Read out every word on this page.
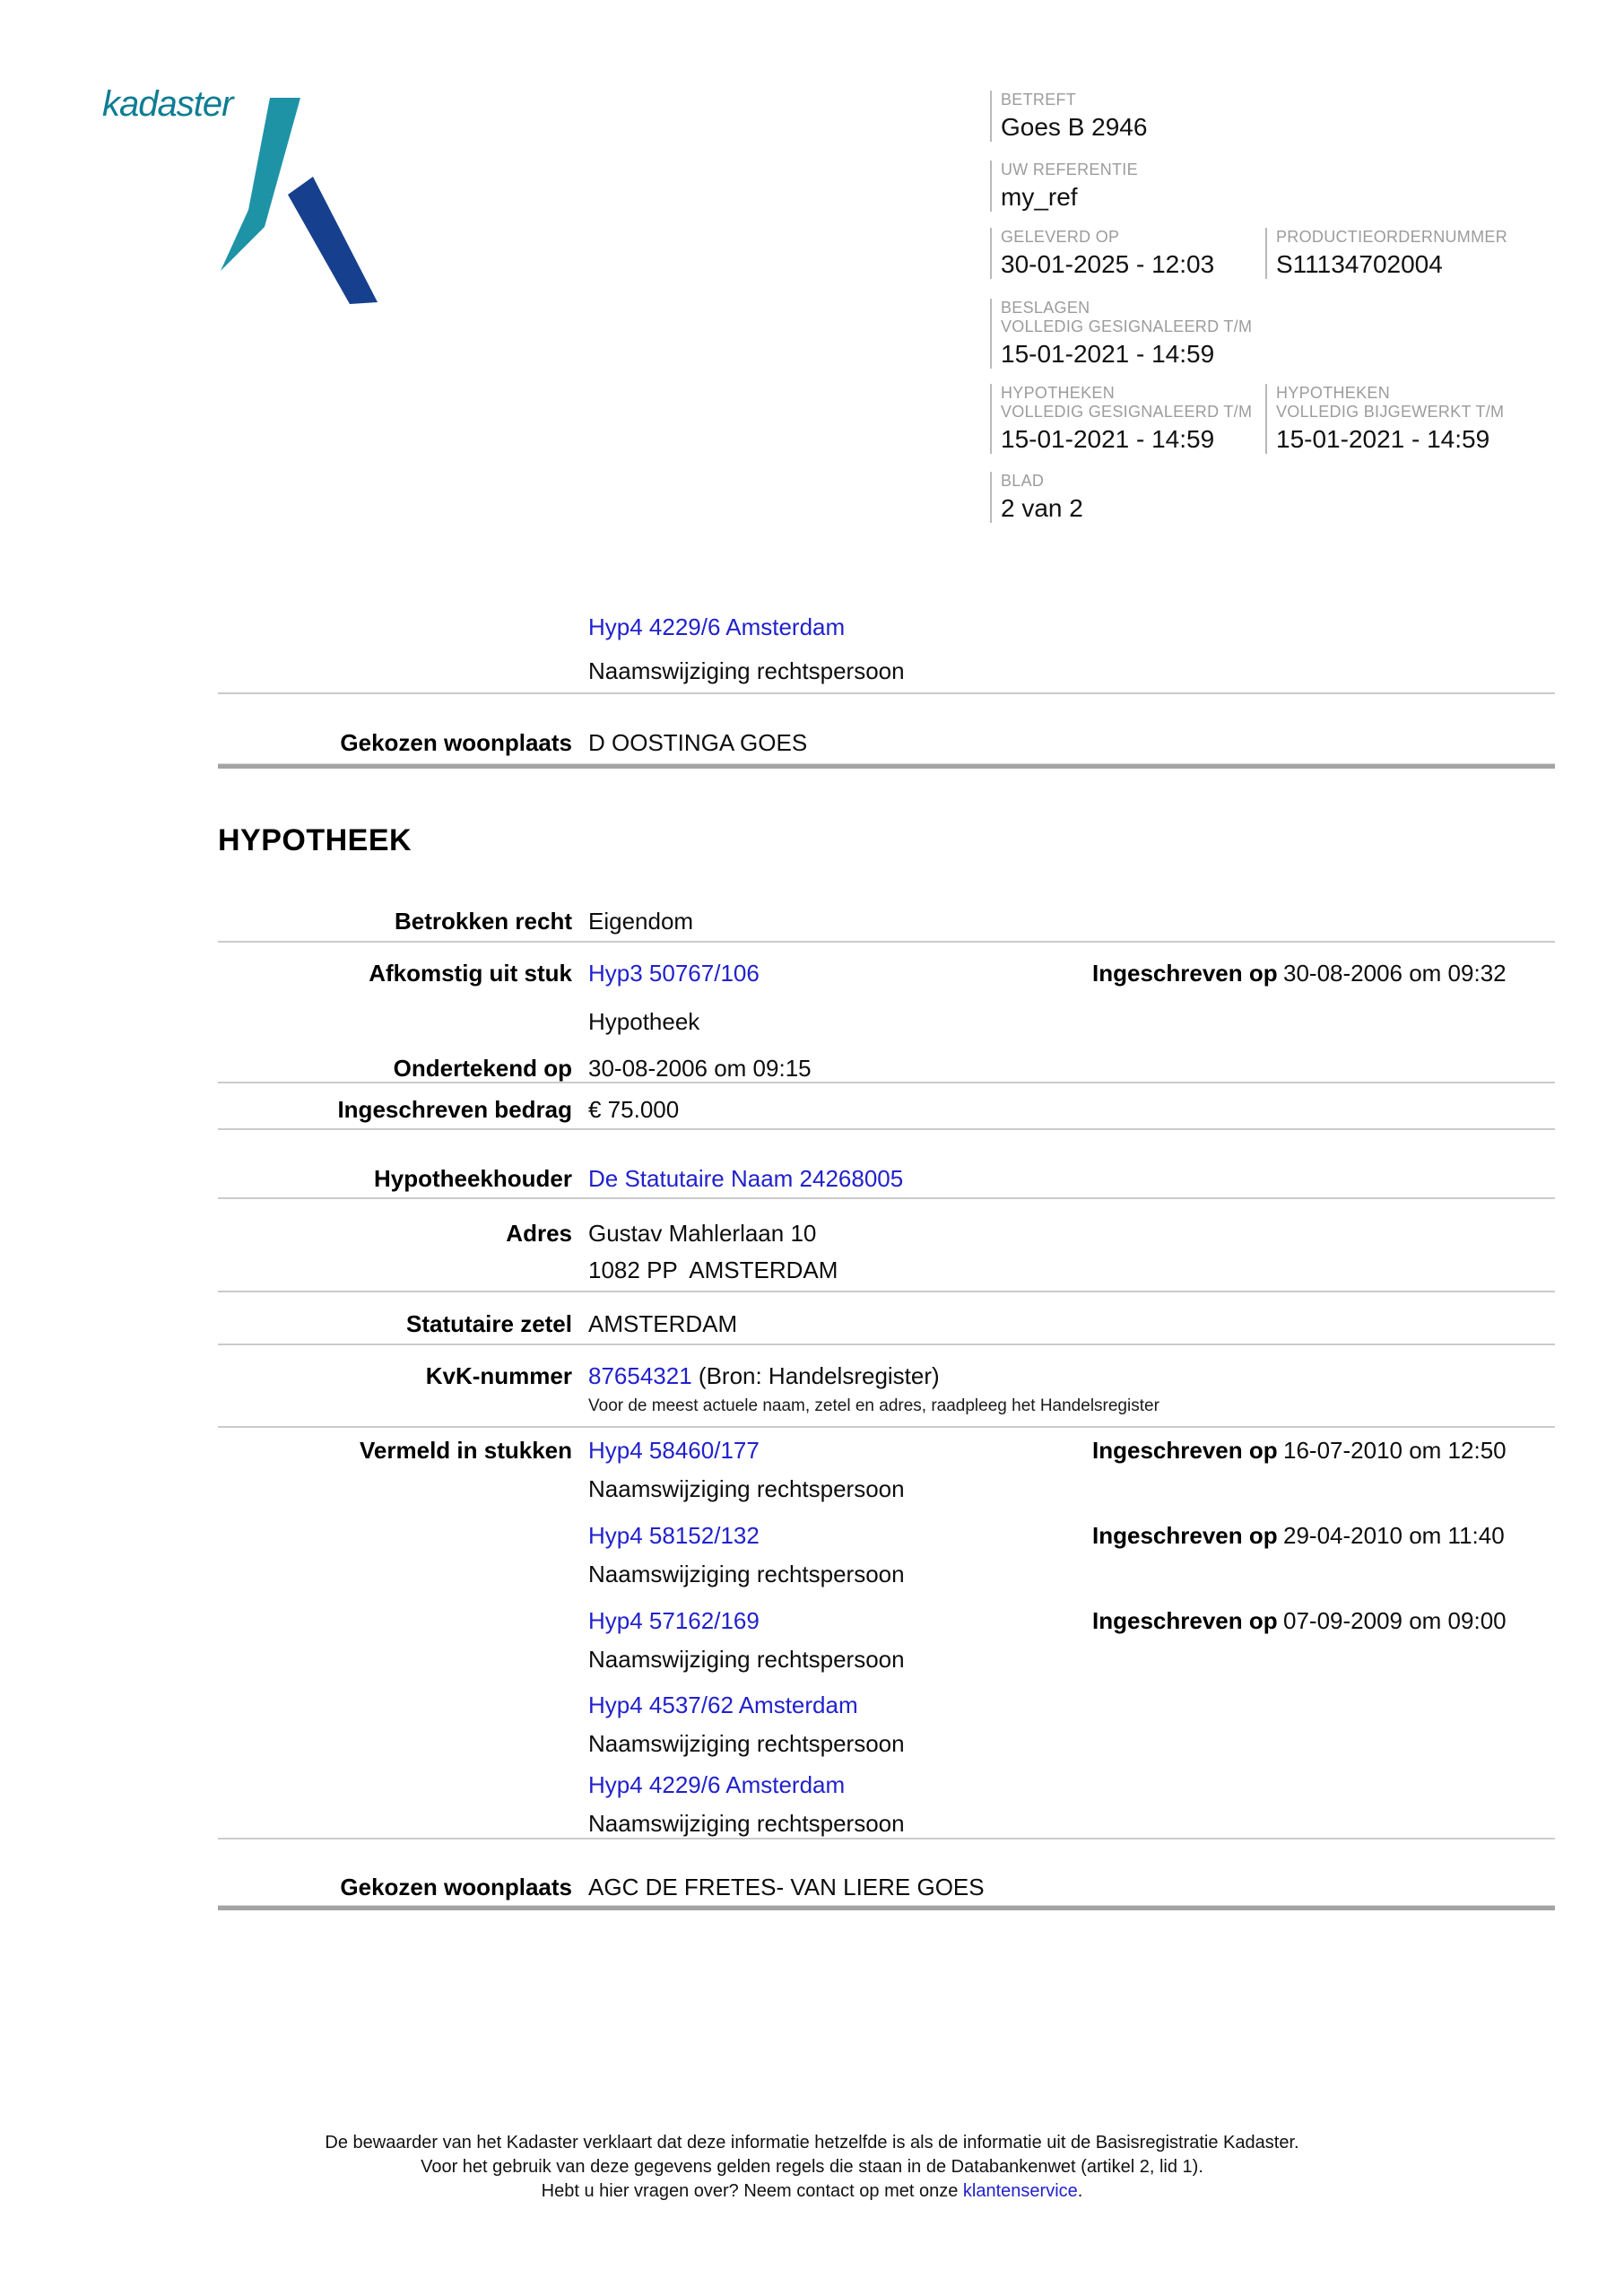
kadaster	BETREFT
Goes B 2946
UW REFERENTIE
my_ref
GELEVERD OP
30-01-2025 - 12:03
PRODUCTIEORDERNUMMER
S11134702004
BESLAGEN
VOLLEDIG GESIGNALEERD T/M
15-01-2021 - 14:59
HYPOTHEKEN
VOLLEDIG GESIGNALEERD T/M
15-01-2021 - 14:59
HYPOTHEKEN
VOLLEDIG BIJGEWERKT T/M
15-01-2021 - 14:59
BLAD
2 van 2
Hyp4 4229/6 Amsterdam
Naamswijziging rechtspersoon
Gekozen woonplaats D OOSTINGA GOES
HYPOTHEEK
Betrokken recht Eigendom
Afkomstig uit stuk Hyp3 50767/106	Ingeschreven op 30-08-2006 om 09:32
Hypotheek
Ondertekend op 30-08-2006 om 09:15
Ingeschreven bedrag € 75.000
Hypotheekhouder De Statutaire Naam 24268005
Adres Gustav Mahlerlaan 10
1082 PP  AMSTERDAM
Statutaire zetel AMSTERDAM
KvK-nummer 87654321 (Bron: Handelsregister)
Voor de meest actuele naam, zetel en adres, raadpleeg het Handelsregister
Vermeld in stukken Hyp4 58460/177	Ingeschreven op 16-07-2010 om 12:50
Naamswijziging rechtspersoon
Hyp4 58152/132	Ingeschreven op 29-04-2010 om 11:40
Naamswijziging rechtspersoon
Hyp4 57162/169	Ingeschreven op 07-09-2009 om 09:00
Naamswijziging rechtspersoon
Hyp4 4537/62 Amsterdam
Naamswijziging rechtspersoon
Hyp4 4229/6 Amsterdam
Naamswijziging rechtspersoon
Gekozen woonplaats AGC DE FRETES- VAN LIERE GOES
De bewaarder van het Kadaster verklaart dat deze informatie hetzelfde is als de informatie uit de Basisregistratie Kadaster.
Voor het gebruik van deze gegevens gelden regels die staan in de Databankenwet (artikel 2, lid 1).
Hebt u hier vragen over? Neem contact op met onze klantenservice.
